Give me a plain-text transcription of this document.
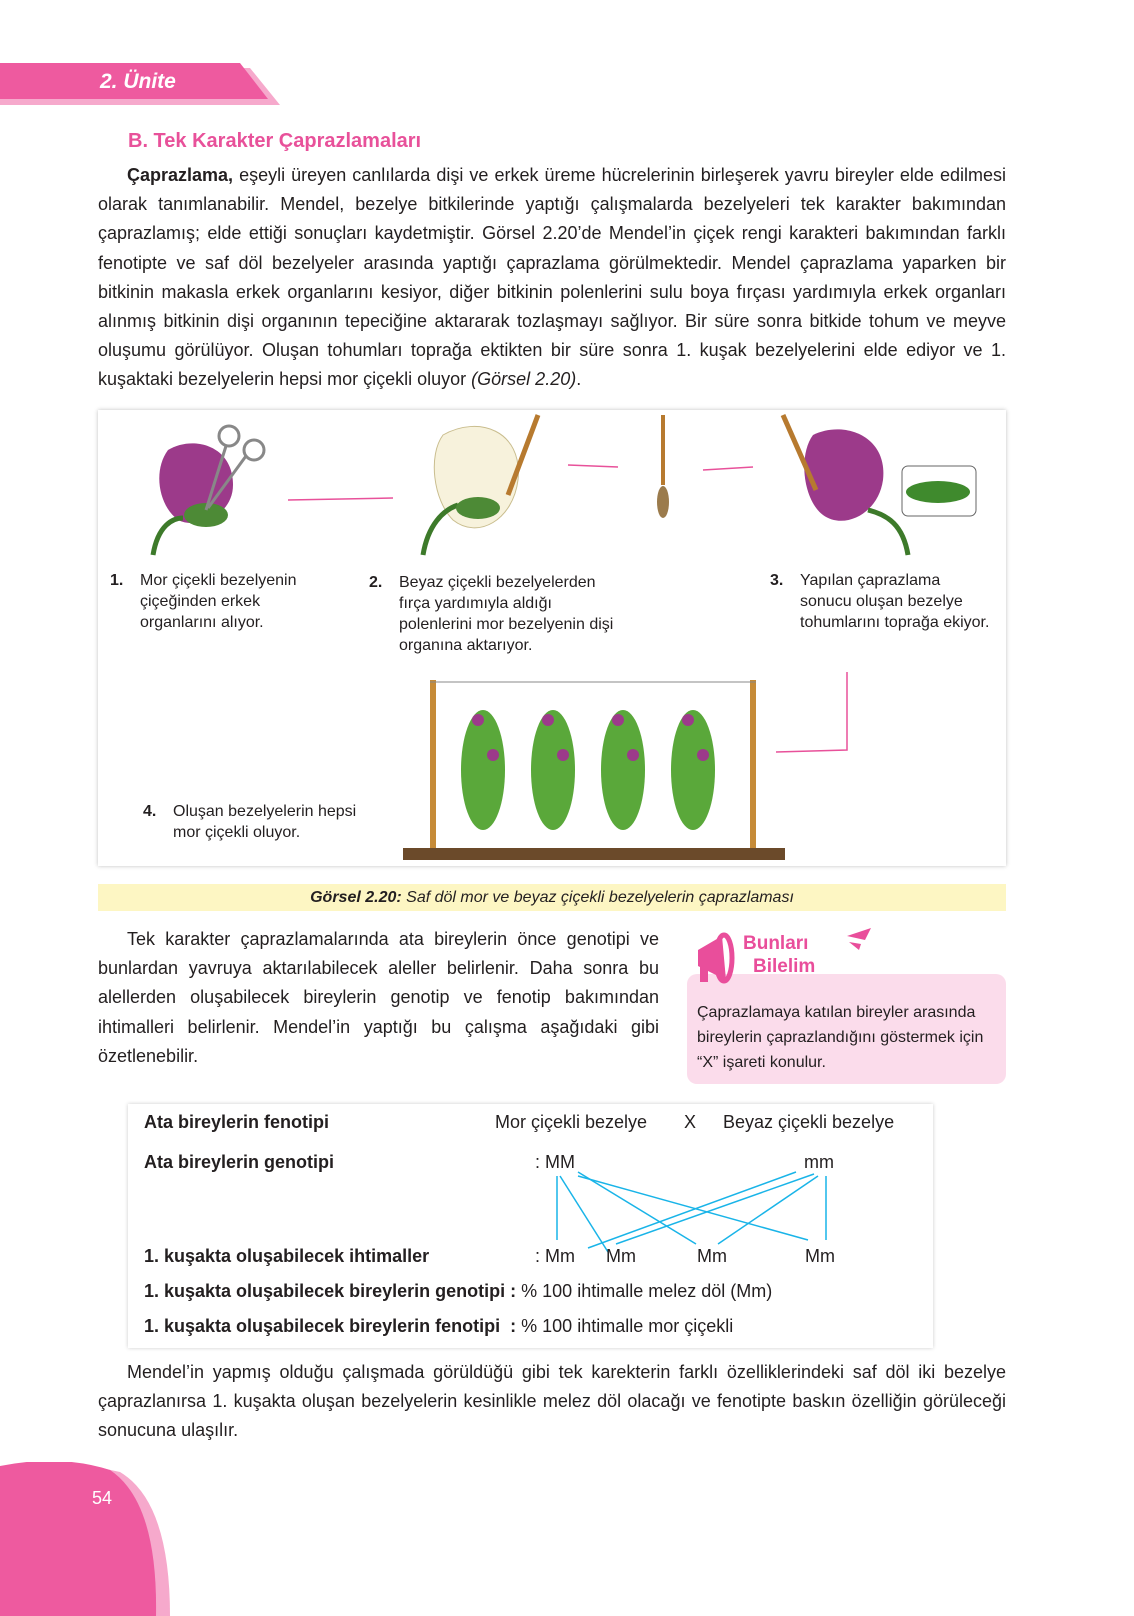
2. Ünite
B. Tek Karakter Çaprazlamaları

Çaprazlama, eşeyli üreyen canlılarda dişi ve erkek üreme hücrelerinin birleşerek yavru bireyler elde edilmesi olarak tanımlanabilir. Mendel, bezelye bitkilerinde yaptığı çalışmalarda bezelyeleri tek karakter bakımından çaprazlamış; elde ettiği sonuçları kaydetmiştir. Görsel 2.20’de Mendel’in çiçek rengi karakteri bakımından farklı fenotipte ve saf döl bezelyeler arasında yaptığı çaprazlama görülmektedir. Mendel çaprazlama yaparken bir bitkinin makasla erkek organlarını kesiyor, diğer bitkinin polenlerini sulu boya fırçası yardımıyla erkek organları alınmış bitkinin dişi organının tepeciğine aktararak tozlaşmayı sağlıyor. Bir süre sonra bitkide tohum ve meyve oluşumu görülüyor. Oluşan tohumları toprağa ektikten bir süre sonra 1. kuşak bezelyelerini elde ediyor ve 1. kuşaktaki bezelyelerin hepsi mor çiçekli oluyor (Görsel 2.20).

1. Mor çiçekli bezelyenin çiçeğinden erkek organlarını alıyor.
2. Beyaz çiçekli bezelyelerden fırça yardımıyla aldığı polenlerini mor bezelyenin dişi organına aktarıyor.
3. Yapılan çaprazlama sonucu oluşan bezelye tohumlarını toprağa ekiyor.
4. Oluşan bezelyelerin hepsi mor çiçekli oluyor.
Görsel 2.20: Saf döl mor ve beyaz çiçekli bezelyelerin çaprazlaması

Tek karakter çaprazlamalarında ata bireylerin önce genotipi ve bunlardan yavruya aktarılabilecek aleller belirlenir. Daha sonra bu alellerden oluşabilecek bireylerin genotip ve fenotip bakımından ihtimalleri belirlenir. Mendel’in yaptığı bu çalışma aşağıdaki gibi özetlenebilir.

Çaprazlamaya katılan bireyler arasında bireylerin çaprazlandığını göstermek için “X” işareti konulur.
Bunları
Bilelim
Ata bireylerin fenotipi	Mor çiçekli bezelye X Beyaz çiçekli bezelye
Ata bireylerin genotipi	: MM	mm
1. kuşakta oluşabilecek ihtimaller	: Mm Mm	Mm	Mm
1. kuşakta oluşabilecek bireylerin genotipi : % 100 ihtimalle melez döl (Mm)
1. kuşakta oluşabilecek bireylerin fenotipi  : % 100 ihtimalle mor çiçekli

Mendel’in yapmış olduğu çalışmada görüldüğü gibi tek karekterin farklı özelliklerindeki saf döl iki bezelye çaprazlanırsa 1. kuşakta oluşan bezelyelerin kesinlikle melez döl olacağı ve fenotipte baskın özelliğin görüleceği sonucuna ulaşılır.

54
